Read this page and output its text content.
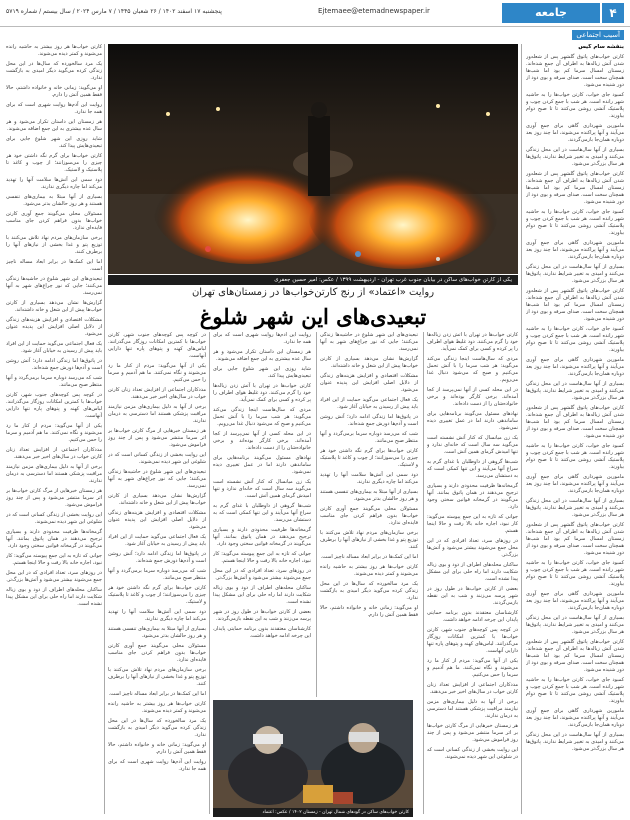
۴
جامعه
Ejtemaee@etemadnewspaper.ir
پنجشنبه ۱۷ اسفند ۱۴۰۲ / ۲۶ شعبان ۱۴۴۵ / ۷ مارس ۲۰۲۴ / سال بیستم / شماره ۵۷۱۹
آسیب اجتماعی

بنفشه سام گیس

کارتن خواب‌های پاتوق گلشهر پس از شعله‌ور شدن آتش زباله‌ها به اطراف آن جمع شده‌اند. زمستان امسال سرما کم بود اما شب‌ها همچنان سخت است. صدای سرفه و بوی دود از دور شنیده می‌شود.

کمبود جای خواب، کارتن خواب‌ها را به حاشیه شهر رانده است. هر شب با جمع کردن چوب و پلاستیک آتشی روشن می‌کنند تا تا صبح دوام بیاورند.

مامورین شهرداری گاهی برای جمع آوری می‌آیند و آنها پراکنده می‌شوند، اما چند روز بعد دوباره همان‌جا بازمی‌گردند.

بسیاری از آنها سال‌هاست در این محل زندگی می‌کنند و امیدی به تغییر شرایط ندارند. پاتوق‌ها هر سال بزرگ‌تر می‌شود.

کارتن خواب‌های پاتوق گلشهر پس از شعله‌ور شدن آتش زباله‌ها به اطراف آن جمع شده‌اند. زمستان امسال سرما کم بود اما شب‌ها همچنان سخت است. صدای سرفه و بوی دود از دور شنیده می‌شود.

کمبود جای خواب، کارتن خواب‌ها را به حاشیه شهر رانده است. هر شب با جمع کردن چوب و پلاستیک آتشی روشن می‌کنند تا تا صبح دوام بیاورند.

مامورین شهرداری گاهی برای جمع آوری می‌آیند و آنها پراکنده می‌شوند، اما چند روز بعد دوباره همان‌جا بازمی‌گردند.

بسیاری از آنها سال‌هاست در این محل زندگی می‌کنند و امیدی به تغییر شرایط ندارند. پاتوق‌ها هر سال بزرگ‌تر می‌شود.

کارتن خواب‌های پاتوق گلشهر پس از شعله‌ور شدن آتش زباله‌ها به اطراف آن جمع شده‌اند. زمستان امسال سرما کم بود اما شب‌ها همچنان سخت است. صدای سرفه و بوی دود از دور شنیده می‌شود.

کمبود جای خواب، کارتن خواب‌ها را به حاشیه شهر رانده است. هر شب با جمع کردن چوب و پلاستیک آتشی روشن می‌کنند تا تا صبح دوام بیاورند.

مامورین شهرداری گاهی برای جمع آوری می‌آیند و آنها پراکنده می‌شوند، اما چند روز بعد دوباره همان‌جا بازمی‌گردند.

بسیاری از آنها سال‌هاست در این محل زندگی می‌کنند و امیدی به تغییر شرایط ندارند. پاتوق‌ها هر سال بزرگ‌تر می‌شود.

کارتن خواب‌های پاتوق گلشهر پس از شعله‌ور شدن آتش زباله‌ها به اطراف آن جمع شده‌اند. زمستان امسال سرما کم بود اما شب‌ها همچنان سخت است. صدای سرفه و بوی دود از دور شنیده می‌شود.

کمبود جای خواب، کارتن خواب‌ها را به حاشیه شهر رانده است. هر شب با جمع کردن چوب و پلاستیک آتشی روشن می‌کنند تا تا صبح دوام بیاورند.

مامورین شهرداری گاهی برای جمع آوری می‌آیند و آنها پراکنده می‌شوند، اما چند روز بعد دوباره همان‌جا بازمی‌گردند.

بسیاری از آنها سال‌هاست در این محل زندگی می‌کنند و امیدی به تغییر شرایط ندارند. پاتوق‌ها هر سال بزرگ‌تر می‌شود.

کارتن خواب‌های پاتوق گلشهر پس از شعله‌ور شدن آتش زباله‌ها به اطراف آن جمع شده‌اند. زمستان امسال سرما کم بود اما شب‌ها همچنان سخت است. صدای سرفه و بوی دود از دور شنیده می‌شود.

کمبود جای خواب، کارتن خواب‌ها را به حاشیه شهر رانده است. هر شب با جمع کردن چوب و پلاستیک آتشی روشن می‌کنند تا تا صبح دوام بیاورند.

مامورین شهرداری گاهی برای جمع آوری می‌آیند و آنها پراکنده می‌شوند، اما چند روز بعد دوباره همان‌جا بازمی‌گردند.

بسیاری از آنها سال‌هاست در این محل زندگی می‌کنند و امیدی به تغییر شرایط ندارند. پاتوق‌ها هر سال بزرگ‌تر می‌شود.

کارتن خواب‌های پاتوق گلشهر پس از شعله‌ور شدن آتش زباله‌ها به اطراف آن جمع شده‌اند. زمستان امسال سرما کم بود اما شب‌ها همچنان سخت است. صدای سرفه و بوی دود از دور شنیده می‌شود.

کمبود جای خواب، کارتن خواب‌ها را به حاشیه شهر رانده است. هر شب با جمع کردن چوب و پلاستیک آتشی روشن می‌کنند تا تا صبح دوام بیاورند.

مامورین شهرداری گاهی برای جمع آوری می‌آیند و آنها پراکنده می‌شوند، اما چند روز بعد دوباره همان‌جا بازمی‌گردند.

بسیاری از آنها سال‌هاست در این محل زندگی می‌کنند و امیدی به تغییر شرایط ندارند. پاتوق‌ها هر سال بزرگ‌تر می‌شود.

کارتن خواب‌ها هر روز بیشتر به حاشیه رانده می‌شوند و کمتر دیده می‌شوند.

یک مرد سالخورده که سال‌ها در این محل زندگی کرده می‌گوید دیگر امیدی به بازگشت ندارد.

او می‌گوید: زمانی خانه و خانواده داشتم، حالا فقط همین آتش را دارم.

روایت این آدم‌ها روایت شهری است که برای همه جا ندارد.

هر زمستان این داستان تکرار می‌شود و هر سال عده بیشتری به این جمع اضافه می‌شوند.

شاید روزی این شهر شلوغ جایی برای تبعیدی‌هایش پیدا کند.

کارتن خواب‌ها برای گرم نگه داشتن خود هر چیزی را می‌سوزانند؛ از چوب و کاغذ تا پلاستیک و لاستیک.

دود سمی این آتش‌ها سلامت آنها را تهدید می‌کند اما چاره دیگری ندارند.

بسیاری از آنها مبتلا به بیماری‌های تنفسی هستند و هر روز حالشان بدتر می‌شود.

مسئولان محلی می‌گویند جمع آوری کارتن خواب‌ها بدون فراهم کردن جای مناسب فایده‌ای ندارد.

برخی سازمان‌های مردم نهاد تلاش می‌کنند با توزیع پتو و غذا بخشی از نیازهای آنها را برطرف کنند.

اما این کمک‌ها در برابر ابعاد مساله ناچیز است.

تبعیدی‌های این شهر شلوغ در حاشیه‌ها زندگی می‌کنند؛ جایی که نور چراغ‌های شهر به آنها نمی‌رسد.

گزارش‌ها نشان می‌دهد بسیاری از کارتن خواب‌ها پیش از این شغل و خانه داشته‌اند.

مشکلات اقتصادی و افزایش هزینه‌های زندگی از دلایل اصلی افزایش این پدیده عنوان می‌شود.

یک فعال اجتماعی می‌گوید حمایت از این افراد باید پیش از رسیدن به خیابان آغاز شود.

در پاتوق‌ها اما زندگی ادامه دارد؛ آتش روشن است و آدم‌ها دورش جمع شده‌اند.

شب که می‌رسد دوباره سرما برمی‌گردد و آنها منتظر صبح می‌مانند.

در کوچه پس کوچه‌های جنوب شهر، کارتن خواب‌ها با کمترین امکانات روزگار می‌گذرانند. لباس‌های کهنه و پتوهای پاره تنها دارایی آنهاست.

یکی از آنها می‌گوید: مردم از کنار ما رد می‌شوند و نگاه نمی‌کنند. ما هم آدمیم و سرما را حس می‌کنیم.

مددکاران اجتماعی از افزایش تعداد زنان کارتن خواب در سال‌های اخیر خبر می‌دهند.

برخی از آنها به دلیل بیماری‌های مزمن نیازمند مراقبت پزشکی هستند اما دسترسی به درمان ندارند.

هر زمستان خبرهایی از مرگ کارتن خواب‌ها بر اثر سرما منتشر می‌شود و پس از چند روز فراموش می‌شود.

این روایت بخشی از زندگی کسانی است که در شلوغی این شهر دیده نمی‌شوند.

گرمخانه‌ها ظرفیت محدودی دارند و بسیاری ترجیح می‌دهند در همان پاتوق بمانند. آنها می‌گویند در گرمخانه قوانین سختی وجود دارد.

جوانی که تازه به این جمع پیوسته می‌گوید: کار نبود، اجاره خانه بالا رفت و حالا اینجا هستم.

در روزهای سرد، تعداد افرادی که در این محل جمع می‌شوند بیشتر می‌شود و آتش‌ها بزرگ‌تر.

ساکنان محله‌های اطراف از دود و بوی زباله شکایت دارند اما راه حلی برای این مشکل پیدا نشده است.

یکی از کارتن خواب‌های ساکن در بیابان جنوب غرب تهران - اردیبهشت ۱۳۹۹ / عکس: امیر حسین جعفری
روایت «اعتماد» از رنج کارتن‌خواب‌ها در زمستان‌های تهران
تبعیدی‌های این شهر شلوغ

کارتن خواب‌ها در تهران با آتش زدن زباله‌ها خود را گرم می‌کنند. دود غلیظ هوای اطراف را پر کرده و کسی برای کمک نمی‌آید.

مردی که سال‌هاست اینجا زندگی می‌کند می‌گوید: هر شب سرما را با آتش تحمل می‌کنیم و صبح که می‌شود دنبال غذا می‌رویم.

در این محله کسی از آنها نمی‌پرسد از کجا آمده‌اند. برخی کارگر بوده‌اند و برخی خانواده‌شان را از دست داده‌اند.

نهادهای مسئول می‌گویند برنامه‌هایی برای ساماندهی دارند اما در عمل تغییری دیده نمی‌شود.

یک زن میانسال که کنار آتش نشسته است می‌گوید سه سال است که خانه‌ای ندارد و تنها امیدش گرمای همین آتش است.

شب‌ها گروهی از داوطلبان با غذای گرم به سراغ آنها می‌آیند و این تنها کمکی است که به دستشان می‌رسد.

گرمخانه‌ها ظرفیت محدودی دارند و بسیاری ترجیح می‌دهند در همان پاتوق بمانند. آنها می‌گویند در گرمخانه قوانین سختی وجود دارد.

جوانی که تازه به این جمع پیوسته می‌گوید: کار نبود، اجاره خانه بالا رفت و حالا اینجا هستم.

در روزهای سرد، تعداد افرادی که در این محل جمع می‌شوند بیشتر می‌شود و آتش‌ها بزرگ‌تر.

ساکنان محله‌های اطراف از دود و بوی زباله شکایت دارند اما راه حلی برای این مشکل پیدا نشده است.

بعضی از کارتن خواب‌ها در طول روز در شهر پرسه می‌زنند و شب به این نقطه بازمی‌گردند.

کارشناسان معتقدند بدون برنامه حمایتی پایدار، این چرخه ادامه خواهد داشت.

در کوچه پس کوچه‌های جنوب شهر، کارتن خواب‌ها با کمترین امکانات روزگار می‌گذرانند. لباس‌های کهنه و پتوهای پاره تنها دارایی آنهاست.

یکی از آنها می‌گوید: مردم از کنار ما رد می‌شوند و نگاه نمی‌کنند. ما هم آدمیم و سرما را حس می‌کنیم.

مددکاران اجتماعی از افزایش تعداد زنان کارتن خواب در سال‌های اخیر خبر می‌دهند.

برخی از آنها به دلیل بیماری‌های مزمن نیازمند مراقبت پزشکی هستند اما دسترسی به درمان ندارند.

هر زمستان خبرهایی از مرگ کارتن خواب‌ها بر اثر سرما منتشر می‌شود و پس از چند روز فراموش می‌شود.

این روایت بخشی از زندگی کسانی است که در شلوغی این شهر دیده نمی‌شوند.

تبعیدی‌های این شهر شلوغ در حاشیه‌ها زندگی می‌کنند؛ جایی که نور چراغ‌های شهر به آنها نمی‌رسد.

گزارش‌ها نشان می‌دهد بسیاری از کارتن خواب‌ها پیش از این شغل و خانه داشته‌اند.

مشکلات اقتصادی و افزایش هزینه‌های زندگی از دلایل اصلی افزایش این پدیده عنوان می‌شود.

یک فعال اجتماعی می‌گوید حمایت از این افراد باید پیش از رسیدن به خیابان آغاز شود.

در پاتوق‌ها اما زندگی ادامه دارد؛ آتش روشن است و آدم‌ها دورش جمع شده‌اند.

شب که می‌رسد دوباره سرما برمی‌گردد و آنها منتظر صبح می‌مانند.

کارتن خواب‌ها برای گرم نگه داشتن خود هر چیزی را می‌سوزانند؛ از چوب و کاغذ تا پلاستیک و لاستیک.

دود سمی این آتش‌ها سلامت آنها را تهدید می‌کند اما چاره دیگری ندارند.

بسیاری از آنها مبتلا به بیماری‌های تنفسی هستند و هر روز حالشان بدتر می‌شود.

مسئولان محلی می‌گویند جمع آوری کارتن خواب‌ها بدون فراهم کردن جای مناسب فایده‌ای ندارد.

برخی سازمان‌های مردم نهاد تلاش می‌کنند با توزیع پتو و غذا بخشی از نیازهای آنها را برطرف کنند.

اما این کمک‌ها در برابر ابعاد مساله ناچیز است.

کارتن خواب‌ها هر روز بیشتر به حاشیه رانده می‌شوند و کمتر دیده می‌شوند.

یک مرد سالخورده که سال‌ها در این محل زندگی کرده می‌گوید دیگر امیدی به بازگشت ندارد.

او می‌گوید: زمانی خانه و خانواده داشتم، حالا فقط همین آتش را دارم.

روایت این آدم‌ها روایت شهری است که برای همه جا ندارد.

هر زمستان این داستان تکرار می‌شود و هر سال عده بیشتری به این جمع اضافه می‌شوند.

شاید روزی این شهر شلوغ جایی برای تبعیدی‌هایش پیدا کند.

کارتن خواب‌ها در تهران با آتش زدن زباله‌ها خود را گرم می‌کنند. دود غلیظ هوای اطراف را پر کرده و کسی برای کمک نمی‌آید.

مردی که سال‌هاست اینجا زندگی می‌کند می‌گوید: هر شب سرما را با آتش تحمل می‌کنیم و صبح که می‌شود دنبال غذا می‌رویم.

در این محله کسی از آنها نمی‌پرسد از کجا آمده‌اند. برخی کارگر بوده‌اند و برخی خانواده‌شان را از دست داده‌اند.

نهادهای مسئول می‌گویند برنامه‌هایی برای ساماندهی دارند اما در عمل تغییری دیده نمی‌شود.

یک زن میانسال که کنار آتش نشسته است می‌گوید سه سال است که خانه‌ای ندارد و تنها امیدش گرمای همین آتش است.

شب‌ها گروهی از داوطلبان با غذای گرم به سراغ آنها می‌آیند و این تنها کمکی است که به دستشان می‌رسد.

گرمخانه‌ها ظرفیت محدودی دارند و بسیاری ترجیح می‌دهند در همان پاتوق بمانند. آنها می‌گویند در گرمخانه قوانین سختی وجود دارد.

جوانی که تازه به این جمع پیوسته می‌گوید: کار نبود، اجاره خانه بالا رفت و حالا اینجا هستم.

در روزهای سرد، تعداد افرادی که در این محل جمع می‌شوند بیشتر می‌شود و آتش‌ها بزرگ‌تر.

ساکنان محله‌های اطراف از دود و بوی زباله شکایت دارند اما راه حلی برای این مشکل پیدا نشده است.

بعضی از کارتن خواب‌ها در طول روز در شهر پرسه می‌زنند و شب به این نقطه بازمی‌گردند.

کارشناسان معتقدند بدون برنامه حمایتی پایدار، این چرخه ادامه خواهد داشت.

در کوچه پس کوچه‌های جنوب شهر، کارتن خواب‌ها با کمترین امکانات روزگار می‌گذرانند. لباس‌های کهنه و پتوهای پاره تنها دارایی آنهاست.

یکی از آنها می‌گوید: مردم از کنار ما رد می‌شوند و نگاه نمی‌کنند. ما هم آدمیم و سرما را حس می‌کنیم.

مددکاران اجتماعی از افزایش تعداد زنان کارتن خواب در سال‌های اخیر خبر می‌دهند.

برخی از آنها به دلیل بیماری‌های مزمن نیازمند مراقبت پزشکی هستند اما دسترسی به درمان ندارند.

هر زمستان خبرهایی از مرگ کارتن خواب‌ها بر اثر سرما منتشر می‌شود و پس از چند روز فراموش می‌شود.

این روایت بخشی از زندگی کسانی است که در شلوغی این شهر دیده نمی‌شوند.

تبعیدی‌های این شهر شلوغ در حاشیه‌ها زندگی می‌کنند؛ جایی که نور چراغ‌های شهر به آنها نمی‌رسد.

گزارش‌ها نشان می‌دهد بسیاری از کارتن خواب‌ها پیش از این شغل و خانه داشته‌اند.

مشکلات اقتصادی و افزایش هزینه‌های زندگی از دلایل اصلی افزایش این پدیده عنوان می‌شود.

یک فعال اجتماعی می‌گوید حمایت از این افراد باید پیش از رسیدن به خیابان آغاز شود.

در پاتوق‌ها اما زندگی ادامه دارد؛ آتش روشن است و آدم‌ها دورش جمع شده‌اند.

شب که می‌رسد دوباره سرما برمی‌گردد و آنها منتظر صبح می‌مانند.

کارتن خواب‌ها برای گرم نگه داشتن خود هر چیزی را می‌سوزانند؛ از چوب و کاغذ تا پلاستیک و لاستیک.

دود سمی این آتش‌ها سلامت آنها را تهدید می‌کند اما چاره دیگری ندارند.

بسیاری از آنها مبتلا به بیماری‌های تنفسی هستند و هر روز حالشان بدتر می‌شود.

مسئولان محلی می‌گویند جمع آوری کارتن خواب‌ها بدون فراهم کردن جای مناسب فایده‌ای ندارد.

برخی سازمان‌های مردم نهاد تلاش می‌کنند با توزیع پتو و غذا بخشی از نیازهای آنها را برطرف کنند.

اما این کمک‌ها در برابر ابعاد مساله ناچیز است.

کارتن خواب‌ها هر روز بیشتر به حاشیه رانده می‌شوند و کمتر دیده می‌شوند.

یک مرد سالخورده که سال‌ها در این محل زندگی کرده می‌گوید دیگر امیدی به بازگشت ندارد.

او می‌گوید: زمانی خانه و خانواده داشتم، حالا فقط همین آتش را دارم.

روایت این آدم‌ها روایت شهری است که برای همه جا ندارد.

کارتن خواب‌های ساکن در گودهای شمال تهران - زمستان ۱۴۰۲ / عکس: اعتماد
